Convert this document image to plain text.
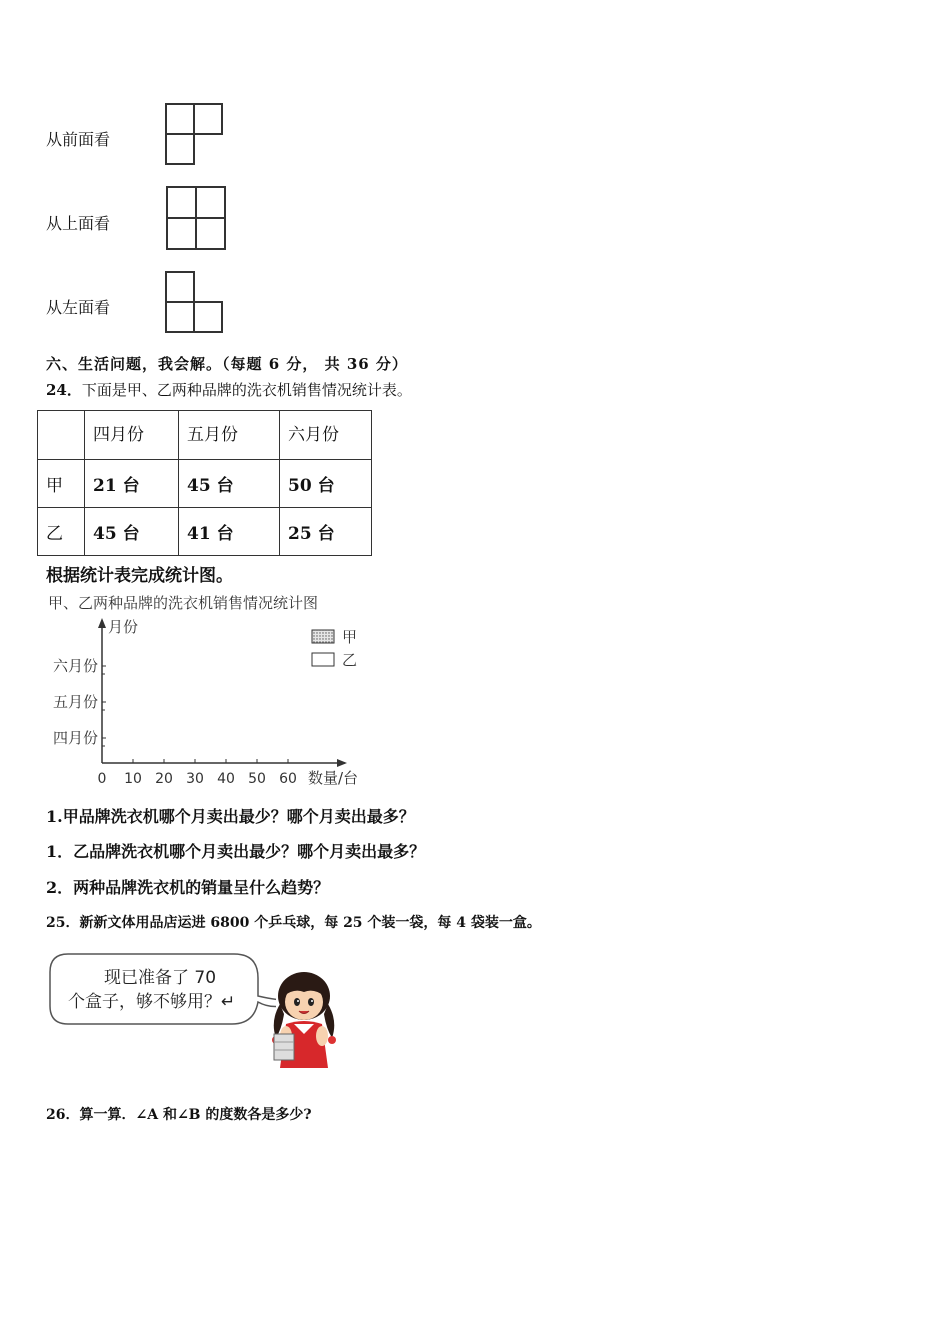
从前面看
从上面看
从左面看
六、生活问题，我会解。（每题 6 分， 共 36 分）
24．下面是甲、乙两种品牌的洗衣机销售情况统计表。
	四月份	五月份	六月份
甲	21 台	45 台	50 台
乙	45 台	41 台	25 台
根据统计表完成统计图。
甲、乙两种品牌的洗衣机销售情况统计图
月份
0 10 20 30 40 50 60 数量/台
四月份
五月份
六月份
甲
乙
1.甲品牌洗衣机哪个月卖出最少？哪个月卖出最多？
1．乙品牌洗衣机哪个月卖出最少？哪个月卖出最多？
2．两种品牌洗衣机的销量呈什么趋势？
25．新新文体用品店运进 6800 个乒乓球，每 25 个装一袋，每 4 袋装一盒。
现已准备了 70
个盒子，够不够用？↵
26．算一算．∠A 和∠B 的度数各是多少?
